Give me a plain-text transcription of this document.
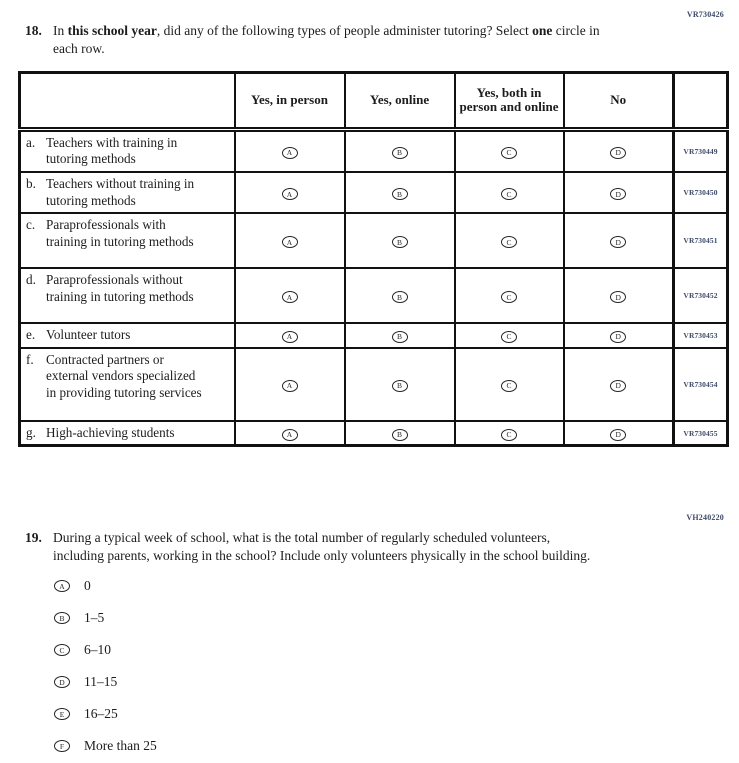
VR730426
18. In this school year, did any of the following types of people administer tutoring? Select one circle in each row.
	Yes, in person	Yes, online	Yes, both in person and online	No	

a. Teachers with training in tutoring methods	A	B	C	D	VR730449

b. Teachers without training in tutoring methods	A	B	C	D	VR730450

c. Paraprofessionals with training in tutoring methods	A	B	C	D	VR730451

d. Paraprofessionals without training in tutoring methods	A	B	C	D	VR730452

e. Volunteer tutors	A	B	C	D	VR730453

f. Contracted partners or external vendors specialized in providing tutoring services	A	B	C	D	VR730454

g. High-achieving students	A	B	C	D	VR730455
VH240220
19. During a typical week of school, what is the total number of regularly scheduled volunteers, including parents, working in the school? Include only volunteers physically in the school building.
A 0
B 1–5
C 6–10
D 11–15
E 16–25
F More than 25
